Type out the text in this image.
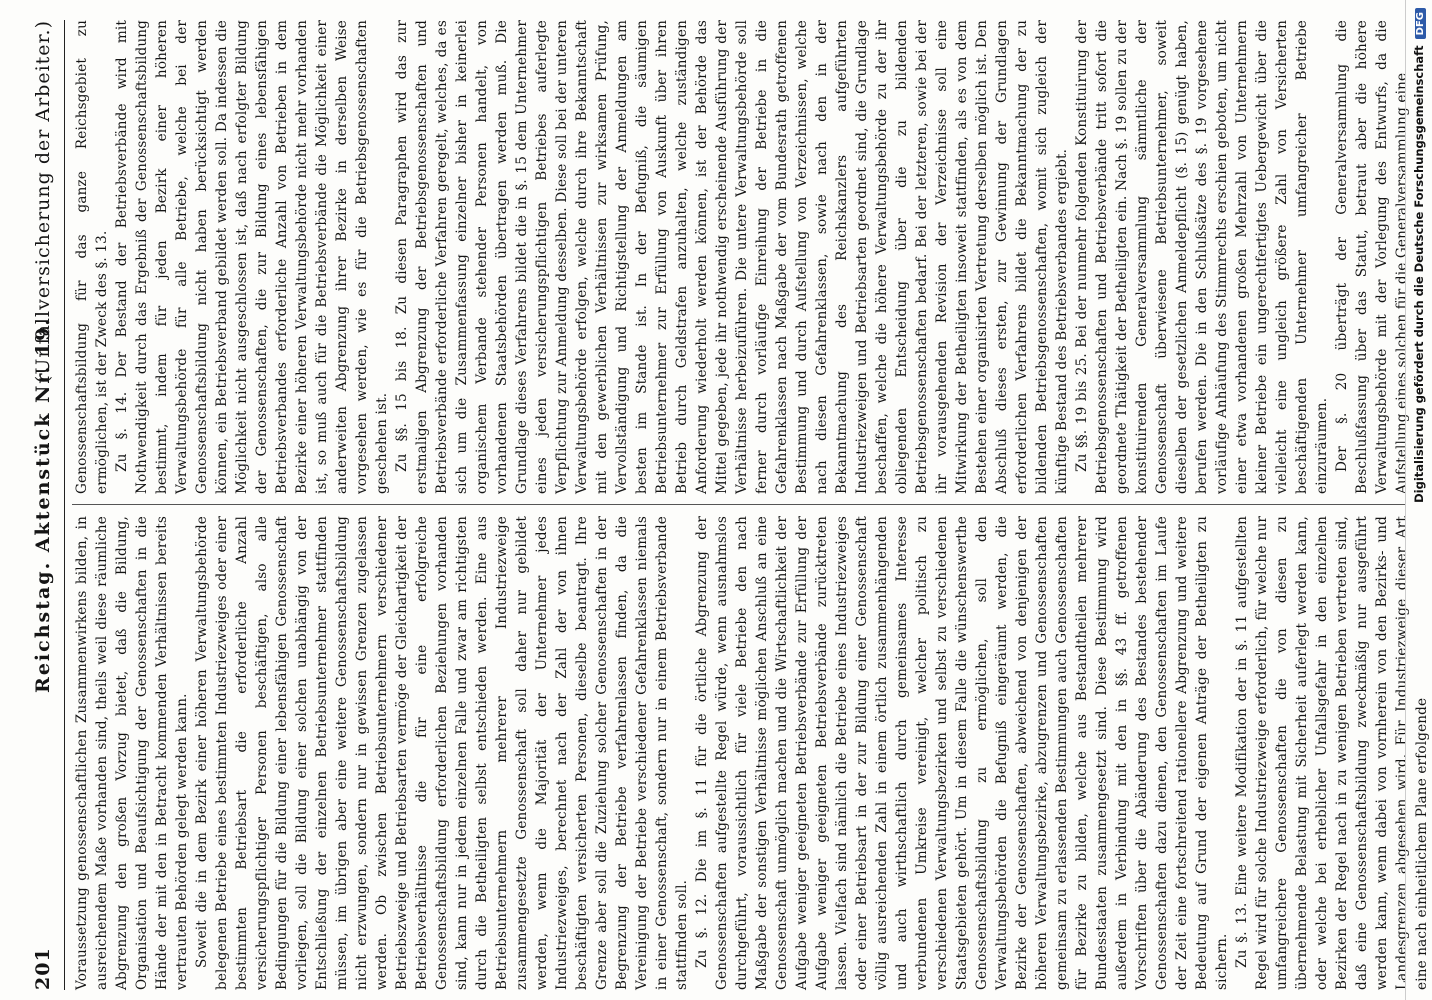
201
Reichstag. Aktenstück Nr. 19.
(Unfallversicherung der Arbeiter.)

Voraussetzung genossenschaftlichen Zusammenwirkens bilden, in ausreichendem Maße vorhanden sind, theils weil diese räumliche Abgrenzung den großen Vorzug bietet, daß die Bildung, Organisation und Beaufsichtigung der Genossenschaften in die Hände der mit den in Betracht kommenden Verhältnissen bereits vertrauten Behörden gelegt werden kann. Soweit die in dem Bezirk einer höheren Verwaltungsbehörde belegenen Betriebe eines bestimmten Industriezweiges oder einer bestimmten Betriebsart die erforderliche Anzahl versicherungspflichtiger Personen beschäftigen, also alle Bedingungen für die Bildung einer lebensfähigen Genossenschaft vorliegen, soll die Bildung einer solchen unabhängig von der Entschließung der einzelnen Betriebsunternehmer stattfinden müssen, im übrigen aber eine weitere Genossenschaftsbildung nicht erzwungen, sondern nur in gewissen Grenzen zugelassen werden. Ob zwischen Betriebsunternehmern verschiedener Betriebszweige und Betriebsarten vermöge der Gleichartigkeit der Betriebsverhältnisse die für eine erfolgreiche Genossenschaftsbildung erforderlichen Beziehungen vorhanden sind, kann nur in jedem einzelnen Falle und zwar am richtigsten durch die Betheiligten selbst entschieden werden. Eine aus Betriebsunternehmern mehrerer Industriezweige zusammengesetzte Genossenschaft soll daher nur gebildet werden, wenn die Majorität der Unternehmer jedes Industriezweiges, berechnet nach der Zahl der von ihnen beschäftigten versicherten Personen, dieselbe beantragt. Ihre Grenze aber soll die Zuziehung solcher Genossenschaften in der Begrenzung der Betriebe verfahrenlassen finden, da die Vereinigung der Betriebe verschiedener Gefahrenklassen niemals in einer Genossenschaft, sondern nur in einem Betriebsverbande stattfinden soll. Zu §. 12. Die im §. 11 für die örtliche Abgrenzung der Genossenschaften aufgestellte Regel würde, wenn ausnahmslos durchgeführt, voraussichtlich für viele Betriebe den nach Maßgabe der sonstigen Verhältnisse möglichen Anschluß an eine Genossenschaft unmöglich machen und die Wirtschaftlichkeit der Aufgabe weniger geeigneten Betriebsverbände zur Erfüllung der Aufgabe weniger geeigneten Betriebsverbände zurücktreten lassen. Vielfach sind nämlich die Betriebe eines Industriezweiges oder einer Betriebsart in der zur Bildung einer Genossenschaft völlig ausreichenden Zahl in einem örtlich zusammenhängenden und auch wirthschaftlich durch gemeinsames Interesse verbundenen Umkreise vereinigt, welcher politisch zu verschiedenen Verwaltungsbezirken und selbst zu verschiedenen Staatsgebieten gehört. Um in diesem Falle die wünschenswerthe Genossenschaftsbildung zu ermöglichen, soll den Verwaltungsbehörden die Befugniß eingeräumt werden, die Bezirke der Genossenschaften, abweichend von denjenigen der höheren Verwaltungsbezirke, abzugrenzen und Genossenschaften gemeinsam zu erlassenden Bestimmungen auch Genossenschaften für Bezirke zu bilden, welche aus Bestandtheilen mehrerer Bundesstaaten zusammengesetzt sind. Diese Bestimmung wird außerdem in Verbindung mit den in §§. 43 ff. getroffenen Vorschriften über die Abänderung des Bestandes bestehender Genossenschaften dazu dienen, den Genossenschaften im Laufe der Zeit eine fortschreitend rationellere Abgrenzung und weitere Bedeutung auf Grund der eigenen Anträge der Betheiligten zu sichern. Zu §. 13. Eine weitere Modifikation der in §. 11 aufgestellten Regel wird für solche Industriezweige erforderlich, für welche nur umfangreichere Genossenschaften die von diesen zu übernehmende Belastung mit Sicherheit auferlegt werden kann, oder welche bei erheblicher Unfallsgefahr in den einzelnen Bezirken der Regel nach in zu wenigen Betrieben vertreten sind, daß eine Genossenschaftsbildung zweckmäßig nur ausgeführt werden kann, wenn dabei von vornherein von den Bezirks- und Landesgrenzen abgesehen wird. Für Industriezweige dieser Art eine nach einheitlichem Plane erfolgende

Genossenschaftsbildung für das ganze Reichsgebiet zu ermöglichen, ist der Zweck des §. 13. Zu §. 14. Der Bestand der Betriebsverbände wird mit Nothwendigkeit durch das Ergebniß der Genossenschaftsbildung bestimmt, indem für jeden Bezirk einer höheren Verwaltungsbehörde für alle Betriebe, welche bei der Genossenschaftsbildung nicht haben berücksichtigt werden können, ein Betriebsverband gebildet werden soll. Da indessen die Möglichkeit nicht ausgeschlossen ist, daß nach erfolgter Bildung der Genossenschaften, die zur Bildung eines lebensfähigen Betriebsverbandes erforderliche Anzahl von Betrieben in dem Bezirke einer höheren Verwaltungsbehörde nicht mehr vorhanden ist, so muß auch für die Betriebsverbände die Möglichkeit einer anderweiten Abgrenzung ihrer Bezirke in derselben Weise vorgesehen werden, wie es für die Betriebsgenossenschaften geschehen ist. Zu §§. 15 bis 18. Zu diesen Paragraphen wird das zur erstmaligen Abgrenzung der Betriebsgenossenschaften und Betriebsverbände erforderliche Verfahren geregelt, welches, da es sich um die Zusammenfassung einzelner bisher in keinerlei organischem Verbande stehender Personen handelt, von vorhandenen Staatsbehörden übertragen werden muß. Die Grundlage dieses Verfahrens bildet die in §. 15 dem Unternehmer eines jeden versicherungspflichtigen Betriebes auferlegte Verpflichtung zur Anmeldung desselben. Diese soll bei der unteren Verwaltungsbehörde erfolgen, welche durch ihre Bekanntschaft mit den gewerblichen Verhältnissen zur wirksamen Prüfung, Vervollständigung und Richtigstellung der Anmeldungen am besten im Stande ist. In der Befugniß, die säumigen Betriebsunternehmer zur Erfüllung von Auskunft über ihren Betrieb durch Geldstrafen anzuhalten, welche zuständigen Anforderung wiederholt werden können, ist der Behörde das Mittel gegeben, jede ihr nothwendig erscheinende Ausführung der Verhältnisse herbeizuführen. Die untere Verwaltungsbehörde soll ferner durch vorläufige Einreihung der Betriebe in die Gefahrenklassen nach Maßgabe der vom Bundesrath getroffenen Bestimmung und durch Aufstellung von Verzeichnissen, welche nach diesen Gefahrenklassen, sowie nach den in der Bekanntmachung des Reichskanzlers aufgeführten Industriezweigen und Betriebsarten geordnet sind, die Grundlage beschaffen, welche die höhere Verwaltungsbehörde zu der ihr obliegenden Entscheidung über die zu bildenden Betriebsgenossenschaften bedarf. Bei der letzteren, sowie bei der ihr vorausgehenden Revision der Verzeichnisse soll eine Mitwirkung der Betheiligten insoweit stattfinden, als es von dem Bestehen einer organisirten Vertretung derselben möglich ist. Den Abschluß dieses ersten, zur Gewinnung der Grundlagen erforderlichen Verfahrens bildet die Bekanntmachung der zu bildenden Betriebsgenossenschaften, womit sich zugleich der künftige Bestand des Betriebsverbandes ergiebt. Zu §§. 19 bis 25. Bei der nunmehr folgenden Konstituirung der Betriebsgenossenschaften und Betriebsverbände tritt sofort die geordnete Thätigkeit der Betheiligten ein. Nach §. 19 sollen zu der konstituirenden Generalversammlung sämmtliche der Genossenschaft überwiesene Betriebsunternehmer, soweit dieselben der gesetzlichen Anmeldepflicht (§. 15) genügt haben, berufen werden. Die in den Schlußsätze des §. 19 vorgesehene vorläufige Anhäufung des Stimmrechts erschien geboten, um nicht einer etwa vorhandenen großen Mehrzahl von Unternehmern kleiner Betriebe ein ungerechtfertigtes Uebergewicht über die vielleicht eine ungleich größere Zahl von Versicherten beschäftigenden Unternehmer umfangreicher Betriebe einzuräumen. Der §. 20 überträgt der Generalversammlung die Beschlußfassung über das Statut, betraut aber die höhere Verwaltungsbehörde mit der Vorlegung des Entwurfs, da die Aufstellung eines solchen für die Generalversammlung eine Digitalisierung gefördert durch die Deutsche ForschungsgemeinschaftDFG
